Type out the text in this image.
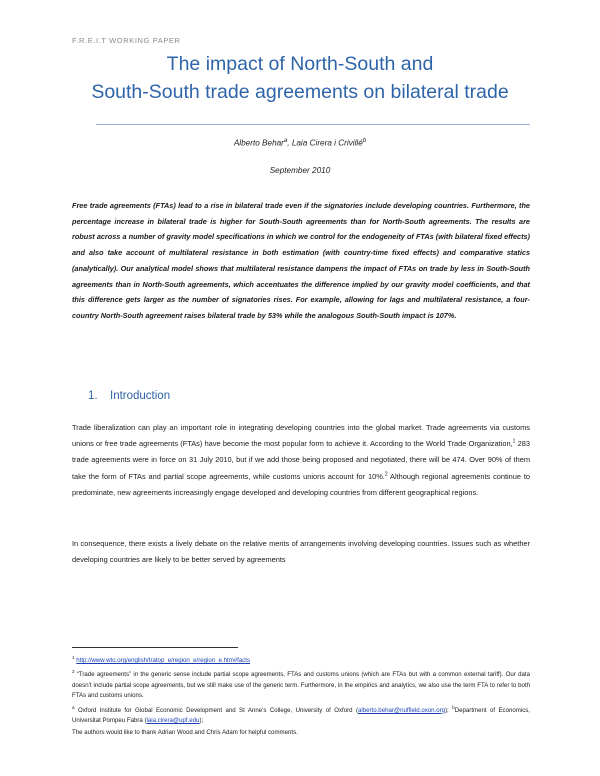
F.R.E.I.T WORKING PAPER
The impact of North-South and
South-South trade agreements on bilateral trade
Alberto Behar$^a$, Laia Cirera i Crivillé$^b$
September 2010

Free trade agreements (FTAs) lead to a rise in bilateral trade even if the signatories include developing countries. Furthermore, the percentage increase in bilateral trade is higher for South-South agreements than for North-South agreements. The results are robust across a number of gravity model specifications in which we control for the endogeneity of FTAs (with bilateral fixed effects) and also take account of multilateral resistance in both estimation (with country-time fixed effects) and comparative statics (analytically). Our analytical model shows that multilateral resistance dampens the impact of FTAs on trade by less in South-South agreements than in North-South agreements, which accentuates the difference implied by our gravity model coefficients, and that this difference gets larger as the number of signatories rises. For example, allowing for lags and multilateral resistance, a four-country North-South agreement raises bilateral trade by 53% while the analogous South-South impact is 107%.

1. Introduction

Trade liberalization can play an important role in integrating developing countries into the global market. Trade agreements via customs unions or free trade agreements (FTAs) have become the most popular form to achieve it. According to the World Trade Organization,$^1$ 283 trade agreements were in force on 31 July 2010, but if we add those being proposed and negotiated, there will be 474. Over 90% of them take the form of FTAs and partial scope agreements, while customs unions account for 10%.$^2$ Although regional agreements continue to predominate, new agreements increasingly engage developed and developing countries from different geographical regions.

In consequence, there exists a lively debate on the relative merits of arrangements involving developing countries. Issues such as whether developing countries are likely to be better served by agreements

$^1$ http://www.wto.org/english/tratop_e/region_e/region_e.htm#facts

$^2$ “Trade agreements” in the generic sense include partial scope agreements, FTAs and customs unions (which are FTAs but with a common external tariff). Our data doesn’t include partial scope agreements, but we still make use of the generic term. Furthermore, in the empirics and analytics, we also use the term FTA to refer to both FTAs and customs unions.

$^a$ Oxford Institute for Global Economic Development and St Anne’s College, University of Oxford (alberto.behar@nuffield.oxon.org); $^b$Department of Economics, Universitat Pompeu Fabra (laia.cirera@upf.edu);

The authors would like to thank Adrian Wood and Chris Adam for helpful comments.
